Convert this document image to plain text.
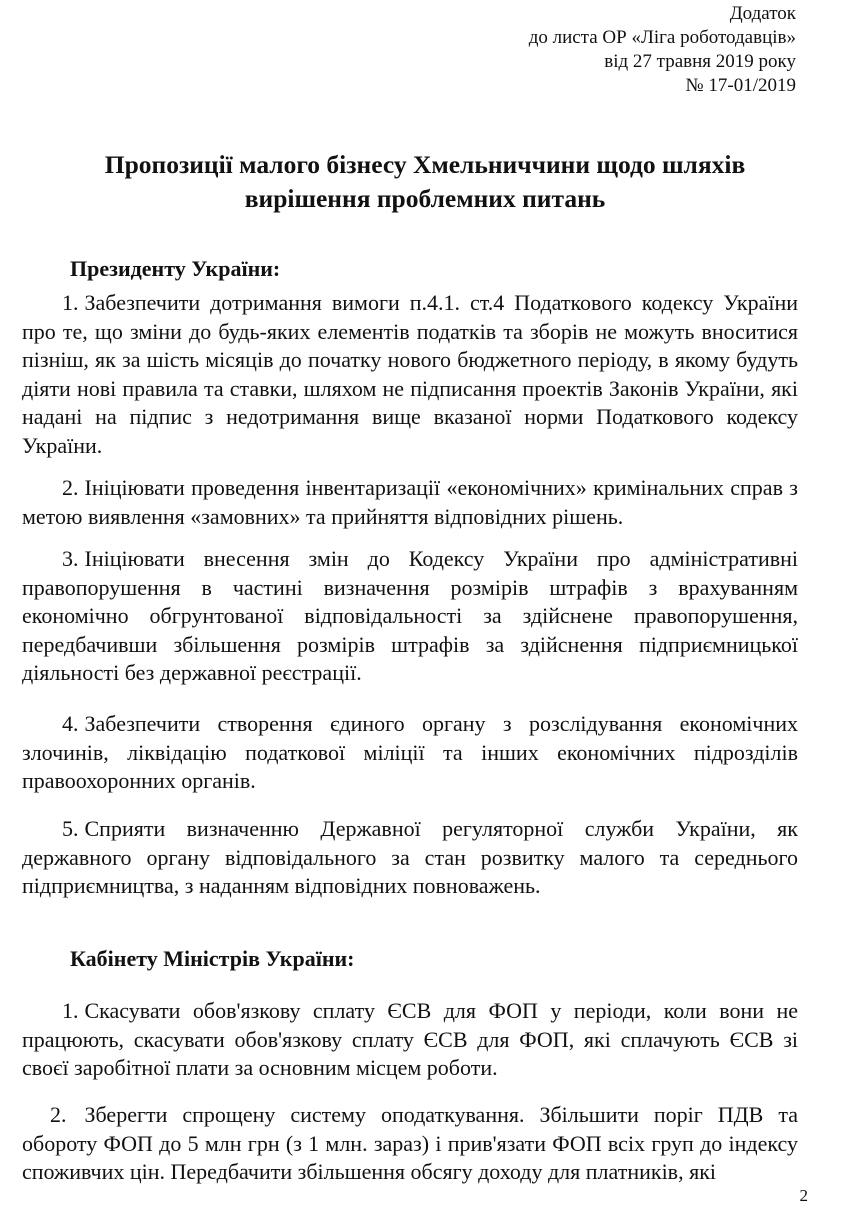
Додаток
до листа ОР «Ліга роботодавців»
від 27 травня 2019 року
№ 17-01/2019
Пропозиції малого бізнесу Хмельниччини щодо шляхів
вирішення проблемних питань
Президенту України:
1. Забезпечити дотримання вимоги п.4.1. ст.4 Податкового кодексу України про те, що зміни до будь-яких елементів податків та зборів не можуть вноситися пізніш, як за шість місяців до початку нового бюджетного періоду, в якому будуть діяти нові правила та ставки, шляхом не підписання проектів Законів України, які надані на підпис з недотримання вище вказаної норми Податкового кодексу України.
2. Ініціювати проведення інвентаризації «економічних» кримінальних справ з метою виявлення «замовних» та прийняття відповідних рішень.
3. Ініціювати внесення змін до Кодексу України про адміністративні правопорушення в частині визначення розмірів штрафів з врахуванням економічно обгрунтованої відповідальності за здійснене правопорушення, передбачивши збільшення розмірів штрафів за здійснення підприємницької діяльності без державної реєстрації.
4. Забезпечити створення єдиного органу з розслідування економічних злочинів, ліквідацію податкової міліції та інших економічних підрозділів правоохоронних органів.
5. Сприяти визначенню Державної регуляторної служби України, як державного органу відповідального за стан розвитку малого та середнього підприємництва, з наданням відповідних повноважень.
Кабінету Міністрів України:
1. Скасувати обов'язкову сплату ЄСВ для ФОП у періоди, коли вони не працюють, скасувати обов'язкову сплату ЄСВ для ФОП, які сплачують ЄСВ зі своєї заробітної плати за основним місцем роботи.
2. Зберегти спрощену систему оподаткування. Збільшити поріг ПДВ та обороту ФОП до 5 млн грн (з 1 млн. зараз) і прив'язати ФОП всіх груп до індексу споживчих цін. Передбачити збільшення обсягу доходу для платників, які
2
